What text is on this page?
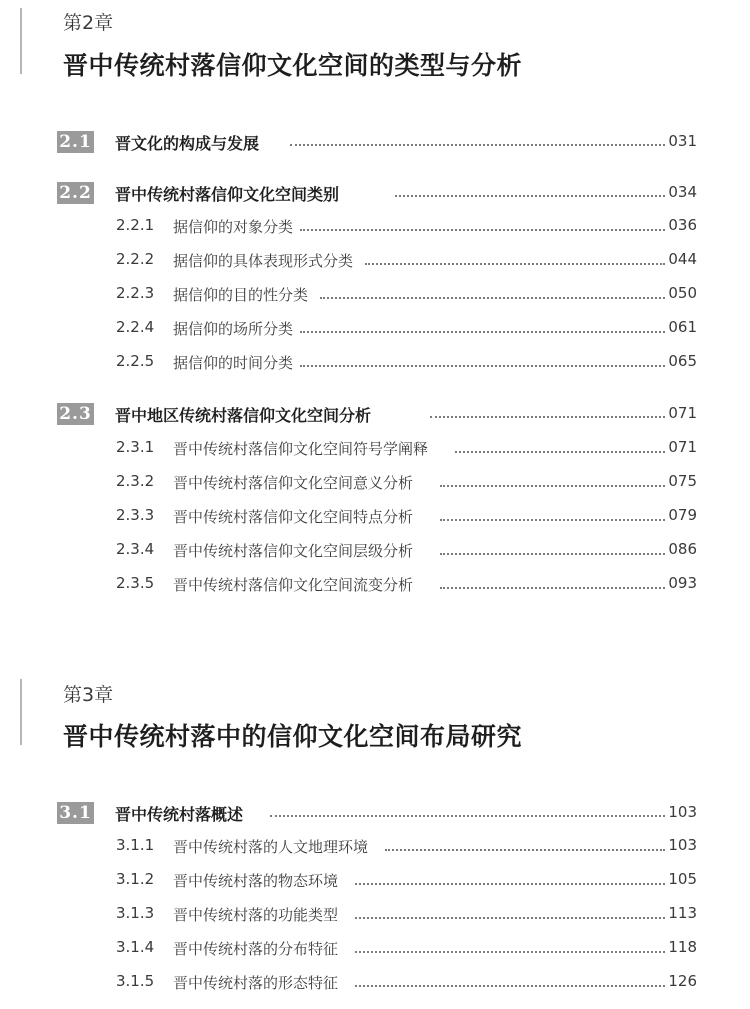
第2章
晋中传统村落信仰文化空间的类型与分析
2.1 晋文化的构成与发展	031
2.2 晋中传统村落信仰文化空间类别	034
2.2.1 据信仰的对象分类	036
2.2.2 据信仰的具体表现形式分类	044
2.2.3 据信仰的目的性分类	050
2.2.4 据信仰的场所分类	061
2.2.5 据信仰的时间分类	065
2.3 晋中地区传统村落信仰文化空间分析	071
2.3.1 晋中传统村落信仰文化空间符号学阐释	071
2.3.2 晋中传统村落信仰文化空间意义分析	075
2.3.3 晋中传统村落信仰文化空间特点分析	079
2.3.4 晋中传统村落信仰文化空间层级分析	086
2.3.5 晋中传统村落信仰文化空间流变分析	093
第3章
晋中传统村落中的信仰文化空间布局研究
3.1 晋中传统村落概述	103
3.1.1 晋中传统村落的人文地理环境	103
3.1.2 晋中传统村落的物态环境	105
3.1.3 晋中传统村落的功能类型	113
3.1.4 晋中传统村落的分布特征	118
3.1.5 晋中传统村落的形态特征	126
